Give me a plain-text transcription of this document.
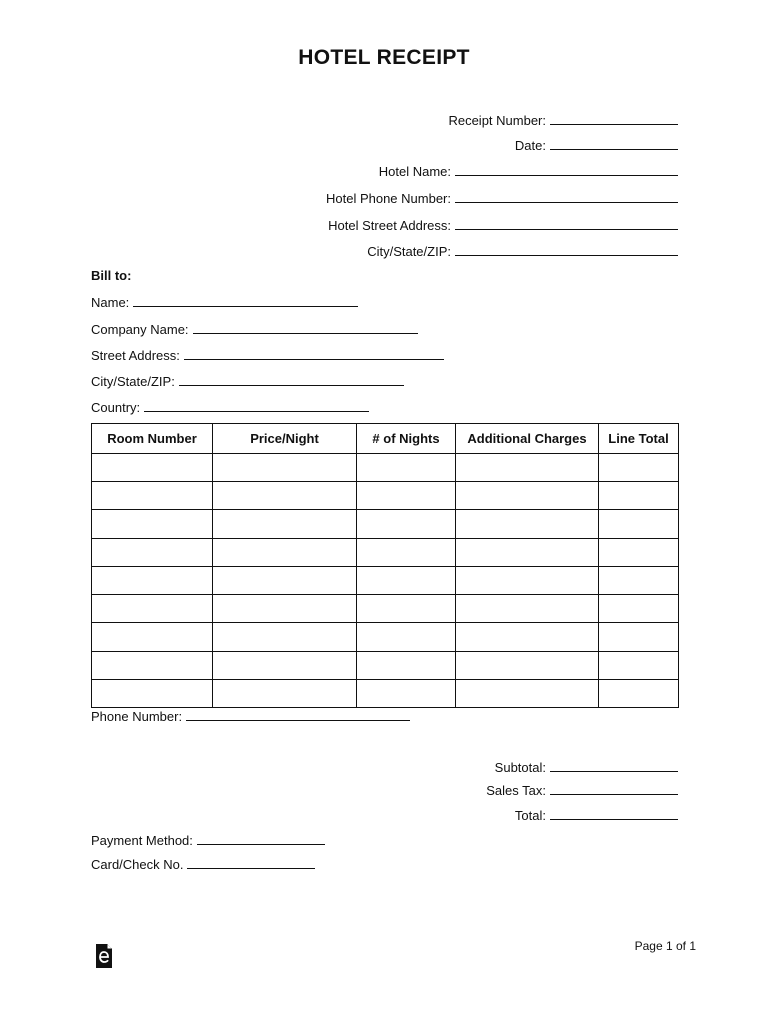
HOTEL RECEIPT
Receipt Number:
Date:
Hotel Name:
Hotel Phone Number:
Hotel Street Address:
City/State/ZIP:
Bill to:
Name:
Company Name:
Street Address:
City/State/ZIP:
Country:
Room Number	Price/Night	# of Nights	Additional Charges	Line Total

Phone Number:
Subtotal:
Sales Tax:
Total:
Payment Method:
Card/Check No.
Page 1 of 1
